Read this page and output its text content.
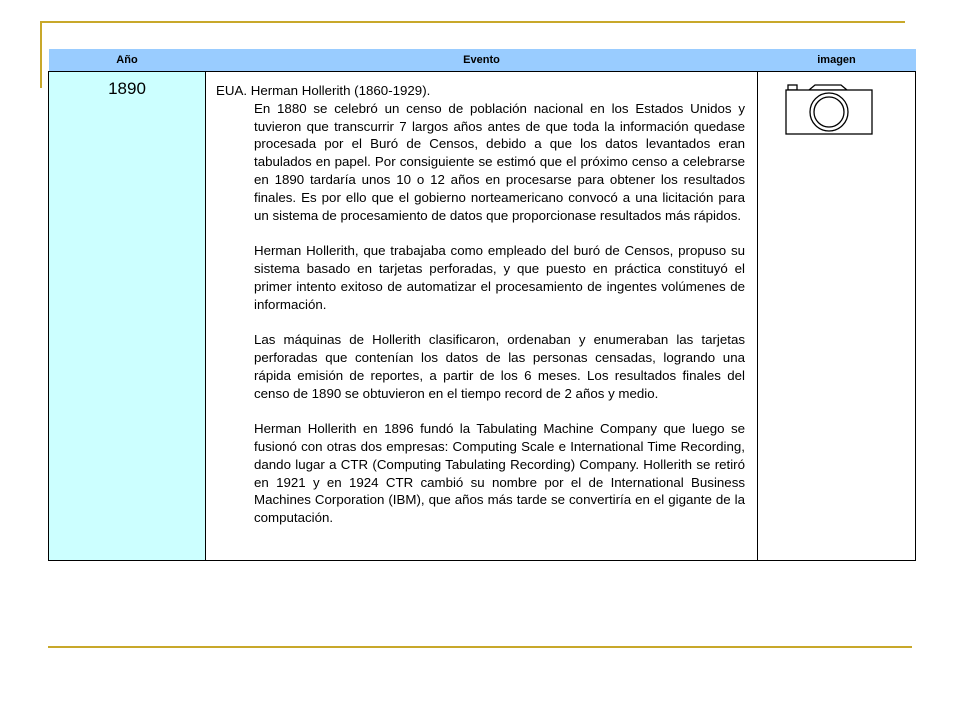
Año	Evento	imagen
1890	EUA. Herman Hollerith (1860-1929).

En 1880 se celebró un censo de población nacional en los Estados Unidos y tuvieron que transcurrir 7 largos años antes de que toda la información quedase procesada por el Buró de Censos, debido a que los datos levantados eran tabulados en papel. Por consiguiente se estimó que el próximo censo a celebrarse en 1890 tardaría unos 10 o 12 años en procesarse para obtener los resultados finales. Es por ello que el gobierno norteamericano convocó a una licitación para un sistema de procesamiento de datos que proporcionase resultados más rápidos.

Herman Hollerith, que trabajaba como empleado del buró de Censos, propuso su sistema basado en tarjetas perforadas, y que puesto en práctica constituyó el primer intento exitoso de automatizar el procesamiento de ingentes volúmenes de información.

Las máquinas de Hollerith clasificaron, ordenaban y enumeraban las tarjetas perforadas que contenían los datos de las personas censadas, logrando una rápida emisión de reportes, a partir de los 6 meses. Los resultados finales del censo de 1890 se obtuvieron en el tiempo record de 2 años y medio.

Herman Hollerith en 1896 fundó la Tabulating Machine Company que luego se fusionó con otras dos empresas: Computing Scale e International Time Recording, dando lugar a CTR (Computing Tabulating Recording) Company. Hollerith se retiró en 1921 y en 1924 CTR cambió su nombre por el de International Business Machines Corporation (IBM), que años más tarde se convertiría en el gigante de la computación.
